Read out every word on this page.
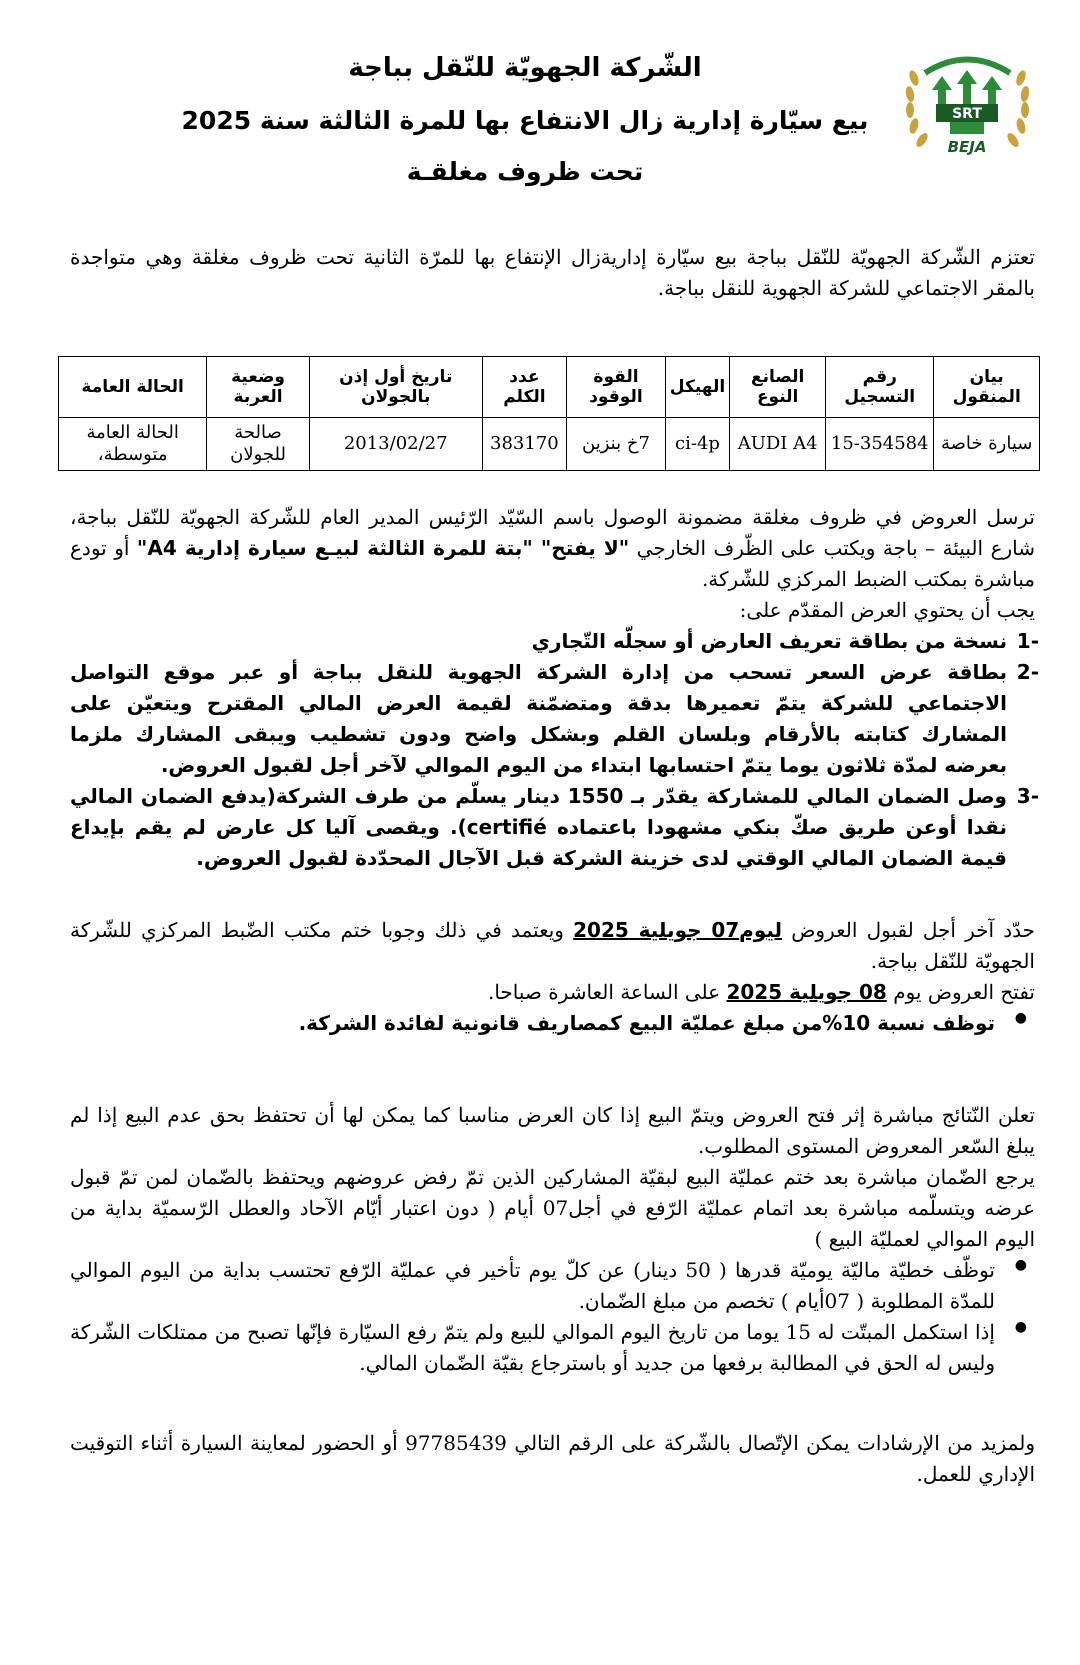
SRT
BEJA
الشّركة الجهويّة للنّقل بباجة
بيع سيّارة إدارية زال الانتفاع بها للمرة الثالثة سنة 2025
تحت ظروف مغلقـة
تعتزم الشّركة الجهويّة للنّقل بباجة بيع سيّارة إداريةزال الإنتفاع بها للمرّة الثانية تحت ظروف مغلقة وهي متواجدة بالمقر الاجتماعي للشركة الجهوية للنقل بباجة.
بيان المنقول	رقم التسجيل	الصانع النوع	الهيكل	القوة الوقود	عدد الكلم	تاريخ أول إذن بالجولان	وضعية العربة	الحالة العامة
سيارة خاصة	15-354584	AUDI A4	ci-4p	7خ بنزين	383170	2013/02/27	صالحة للجولان	الحالة العامة متوسطة،
ترسل العروض في ظروف مغلقة مضمونة الوصول باسم السّيّد الرّئيس المدير العام للشّركة الجهويّة للنّقل بباجة، شارع البيئة – باجة ويكتب على الظّرف الخارجي "لا يفتح" "بتة للمرة الثالثة لبيـع سيارة إدارية A4" أو تودع مباشرة بمكتب الضبط المركزي للشّركة.
يجب أن يحتوي العرض المقدّم على:
-1
نسخة من بطاقة تعريف العارض أو سجلّه التّجاري
-2
بطاقة عرض السعر تسحب من إدارة الشركة الجهوية للنقل بباجة أو عبر موقع التواصل الاجتماعي للشركة يتمّ تعميرها بدقة ومتضمّنة لقيمة العرض المالي المقترح ويتعيّن على المشارك كتابته بالأرقام وبلسان القلم وبشكل واضح ودون تشطيب ويبقى المشارك ملزما بعرضه لمدّة ثلاثون يوما يتمّ احتسابها ابتداء من اليوم الموالي لآخر أجل لقبول العروض.
-3
وصل الضمان المالي للمشاركة يقدّر بـ 1550 دينار يسلّم من طرف الشركة(يدفع الضمان المالي نقدا أوعن طريق صكّ بنكي مشهودا باعتماده certifié). ويقصى آليا كل عارض لم يقم بإيداع قيمة الضمان المالي الوقتي لدى خزينة الشركة قبل الآجال المحدّدة لقبول العروض.
حدّد آخر أجل لقبول العروض ليوم07 جويلية 2025 ويعتمد في ذلك وجوبا ختم مكتب الضّبط المركزي للشّركة الجهويّة للنّقل بباجة.
تفتح العروض يوم 08 جويلية 2025 على الساعة العاشرة صباحا.
● توظف نسبة 10%من مبلغ عمليّة البيع كمصاريف قانونية لفائدة الشركة.
تعلن النّتائج مباشرة إثر فتح العروض ويتمّ البيع إذا كان العرض مناسبا كما يمكن لها أن تحتفظ بحق عدم البيع إذا لم يبلغ السّعر المعروض المستوى المطلوب.
يرجع الضّمان مباشرة بعد ختم عمليّة البيع لبقيّة المشاركين الذين تمّ رفض عروضهم ويحتفظ بالضّمان لمن تمّ قبول عرضه ويتسلّمه مباشرة بعد اتمام عمليّة الرّفع في أجل07 أيام ( دون اعتبار أيّام الآحاد والعطل الرّسميّة بداية من اليوم الموالي لعمليّة البيع )
● توظّف خطيّة ماليّة يوميّة قدرها ( 50 دينار) عن كلّ يوم تأخير في عمليّة الرّفع تحتسب بداية من اليوم الموالي للمدّة المطلوبة ( 07أيام ) تخصم من مبلغ الضّمان.
● إذا استكمل المبتّت له 15 يوما من تاريخ اليوم الموالي للبيع ولم يتمّ رفع السيّارة فإنّها تصبح من ممتلكات الشّركة وليس له الحق في المطالبة برفعها من جديد أو باسترجاع بقيّة الضّمان المالي.
ولمزيد من الإرشادات يمكن الإتّصال بالشّركة على الرقم التالي 97785439 أو الحضور لمعاينة السيارة أثناء التوقيت الإداري للعمل.
